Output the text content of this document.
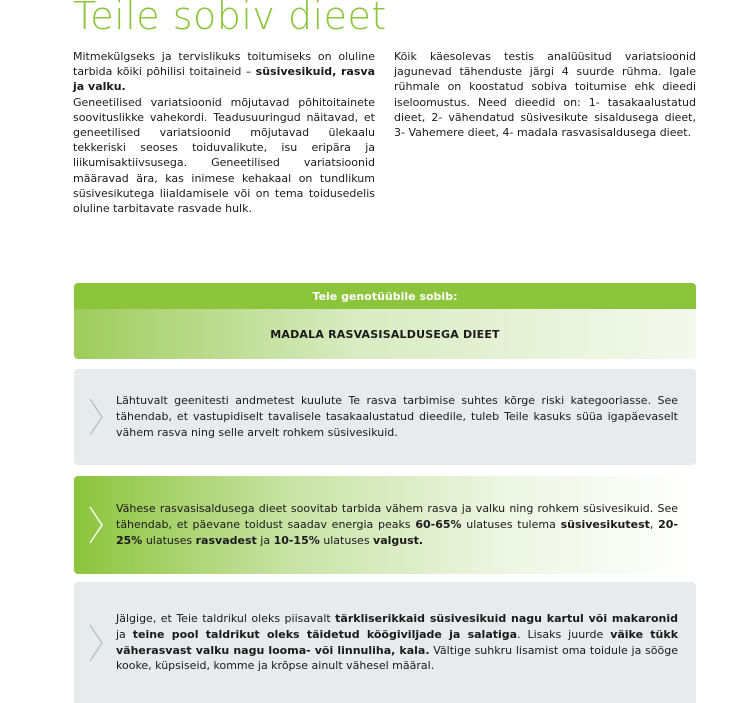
Teile sobiv dieet

Mitmekülgseks ja tervislikuks toitumiseks on oluline tarbida kõiki põhilisi toitaineid – süsivesikuid, rasva ja valku.

Geneetilised variatsioonid mõjutavad põhitoitainete soovituslikke vahekordi. Teadusuuringud näitavad, et geneetilised variatsioonid mõjutavad ülekaalu tekkeriski seoses toiduvalikute, isu eripära ja liikumisaktiivsusega. Geneetilised variatsioonid määravad ära, kas inimese kehakaal on tundlikum süsivesikutega liialdamisele või on tema toidusedelis oluline tarbitavate rasvade hulk.

Kõik käesolevas testis analüüsitud variatsioonid jagunevad tähenduste järgi 4 suurde rühma. Igale rühmale on koostatud sobiva toitumise ehk dieedi iseloomustus. Need dieedid on: 1- tasakaalustatud dieet, 2- vähendatud süsivesikute sisaldusega dieet, 3- Vahemere dieet, 4- madala rasvasisaldusega dieet.

Teie genotüübile sobib:
MADALA RASVASISALDUSEGA DIEET

Lähtuvalt geenitesti andmetest kuulute Te rasva tarbimise suhtes kõrge riski kategooriasse. See tähendab, et vastupidiselt tavalisele tasakaalustatud dieedile, tuleb Teile kasuks süüa igapäevaselt vähem rasva ning selle arvelt rohkem süsivesikuid.

Vähese rasvasisaldusega dieet soovitab tarbida vähem rasva ja valku ning rohkem süsivesikuid. See tähendab, et päevane toidust saadav energia peaks 60-65% ulatuses tulema süsivesikutest, 20-25% ulatuses rasvadest ja 10-15% ulatuses valgust.

Jälgige, et Teie taldrikul oleks piisavalt tärkliserikkaid süsivesikuid nagu kartul või makaronid ja teine pool taldrikut oleks täidetud köögiviljade ja salatiga. Lisaks juurde väike tükk väherasvast valku nagu looma- või linnuliha, kala. Vältige suhkru lisamist oma toidule ja sööge kooke, küpsiseid, komme ja krõpse ainult vähesel määral.
